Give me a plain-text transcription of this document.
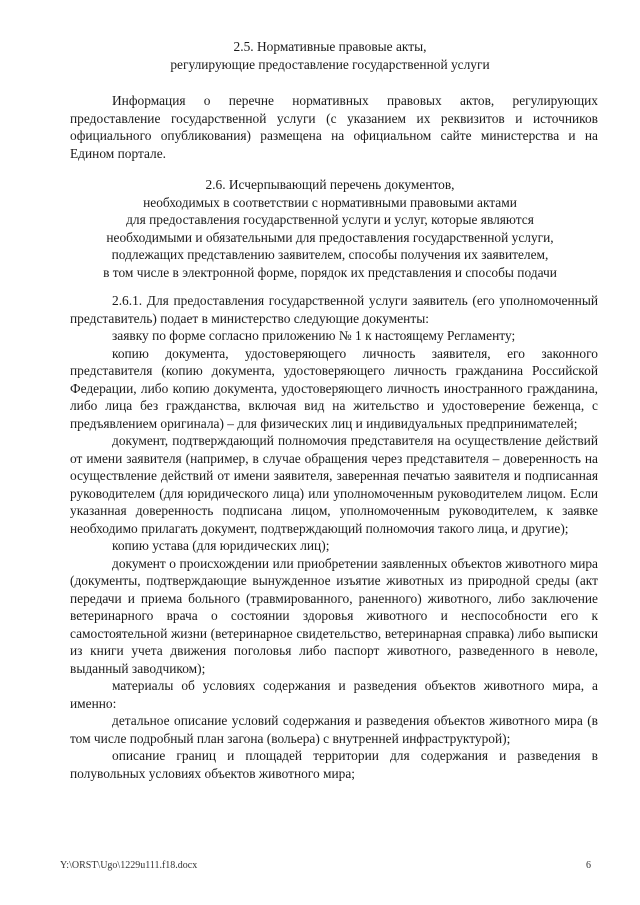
2.5. Нормативные правовые акты,
регулирующие предоставление государственной услуги

Информация о перечне нормативных правовых актов, регулирующих предоставление государственной услуги (с указанием их реквизитов и источников официального опубликования) размещена на официальном сайте министерства и на Едином портале.

2.6. Исчерпывающий перечень документов,
необходимых в соответствии с нормативными правовыми актами
для предоставления государственной услуги и услуг, которые являются
необходимыми и обязательными для предоставления государственной услуги,
подлежащих представлению заявителем, способы получения их заявителем,
в том числе в электронной форме, порядок их представления и способы подачи

2.6.1. Для предоставления государственной услуги заявитель (его уполномоченный представитель) подает в министерство следующие документы:

заявку по форме согласно приложению № 1 к настоящему Регламенту;

копию документа, удостоверяющего личность заявителя, его законного представителя (копию документа, удостоверяющего личность гражданина Российской Федерации, либо копию документа, удостоверяющего личность иностранного гражданина, либо лица без гражданства, включая вид на жительство и удостоверение беженца, с предъявлением оригинала) – для физических лиц и индивидуальных предпринимателей;

документ, подтверждающий полномочия представителя на осуществление действий от имени заявителя (например, в случае обращения через представителя – доверенность на осуществление действий от имени заявителя, заверенная печатью заявителя и подписанная руководителем (для юридического лица) или уполномоченным руководителем лицом. Если указанная доверенность подписана лицом, уполномоченным руководителем, к заявке необходимо прилагать документ, подтверждающий полномочия такого лица, и другие);

копию устава (для юридических лиц);

документ о происхождении или приобретении заявленных объектов животного мира (документы, подтверждающие вынужденное изъятие животных из природной среды (акт передачи и приема больного (травмированного, раненного) животного, либо заключение ветеринарного врача о состоянии здоровья животного и неспособности его к самостоятельной жизни (ветеринарное свидетельство, ветеринарная справка) либо выписки из книги учета движения поголовья либо паспорт животного, разведенного в неволе, выданный заводчиком);

материалы об условиях содержания и разведения объектов животного мира, а именно:

детальное описание условий содержания и разведения объектов животного мира (в том числе подробный план загона (вольера) с внутренней инфраструктурой);

описание границ и площадей территории для содержания и разведения в полувольных условиях объектов животного мира;

Y:\ORST\Ugo\1229u111.f18.docx	6
